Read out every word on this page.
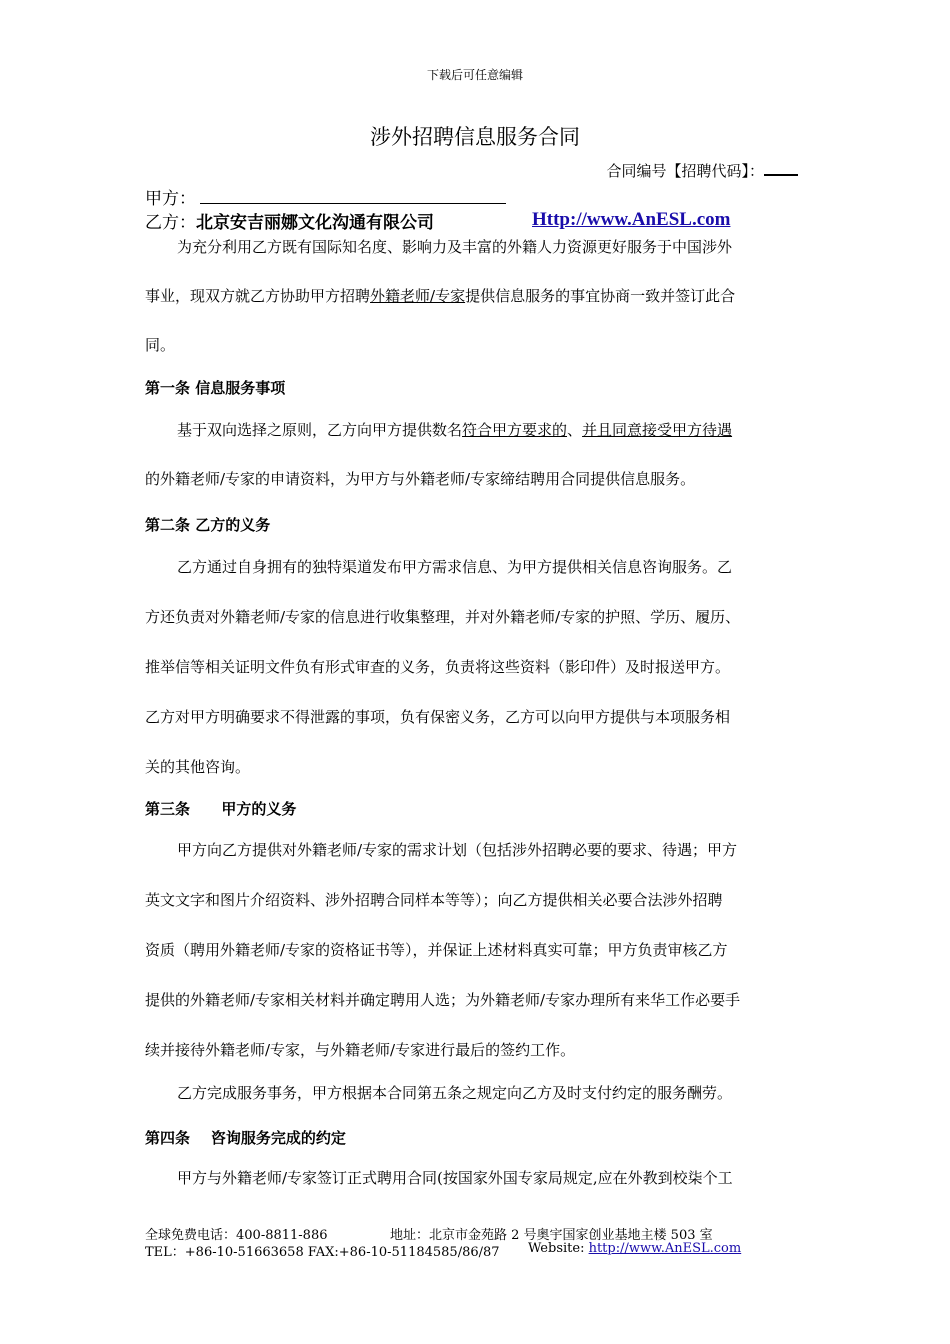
下载后可任意编辑
涉外招聘信息服务合同
合同编号【招聘代码】：
甲方：
乙方：北京安吉丽娜文化沟通有限公司	Http://www.AnESL.com
为充分利用乙方既有国际知名度、影响力及丰富的外籍人力资源更好服务于中国涉外
事业，现双方就乙方协助甲方招聘外籍老师/专家提供信息服务的事宜协商一致并签订此合
同。
第一条 信息服务事项
基于双向选择之原则，乙方向甲方提供数名符合甲方要求的、并且同意接受甲方待遇
的外籍老师/专家的申请资料，为甲方与外籍老师/专家缔结聘用合同提供信息服务。
第二条 乙方的义务
乙方通过自身拥有的独特渠道发布甲方需求信息、为甲方提供相关信息咨询服务。乙
方还负责对外籍老师/专家的信息进行收集整理，并对外籍老师/专家的护照、学历、履历、
推举信等相关证明文件负有形式审查的义务，负责将这些资料（影印件）及时报送甲方。
乙方对甲方明确要求不得泄露的事项，负有保密义务，乙方可以向甲方提供与本项服务相
关的其他咨询。
第三条      甲方的义务
甲方向乙方提供对外籍老师/专家的需求计划（包括涉外招聘必要的要求、待遇；甲方
英文文字和图片介绍资料、涉外招聘合同样本等等）；向乙方提供相关必要合法涉外招聘
资质（聘用外籍老师/专家的资格证书等），并保证上述材料真实可靠；甲方负责审核乙方
提供的外籍老师/专家相关材料并确定聘用人选；为外籍老师/专家办理所有来华工作必要手
续并接待外籍老师/专家，与外籍老师/专家进行最后的签约工作。
乙方完成服务事务，甲方根据本合同第五条之规定向乙方及时支付约定的服务酬劳。
第四条    咨询服务完成的约定
甲方与外籍老师/专家签订正式聘用合同(按国家外国专家局规定,应在外教到校柒个工
全球免费电话：400-8811-886	地址：北京市金苑路 2 号奥宇国家创业基地主楼 503 室
TEL：+86-10-51663658 FAX:+86-10-51184585/86/87 Website: http://www.AnESL.com
